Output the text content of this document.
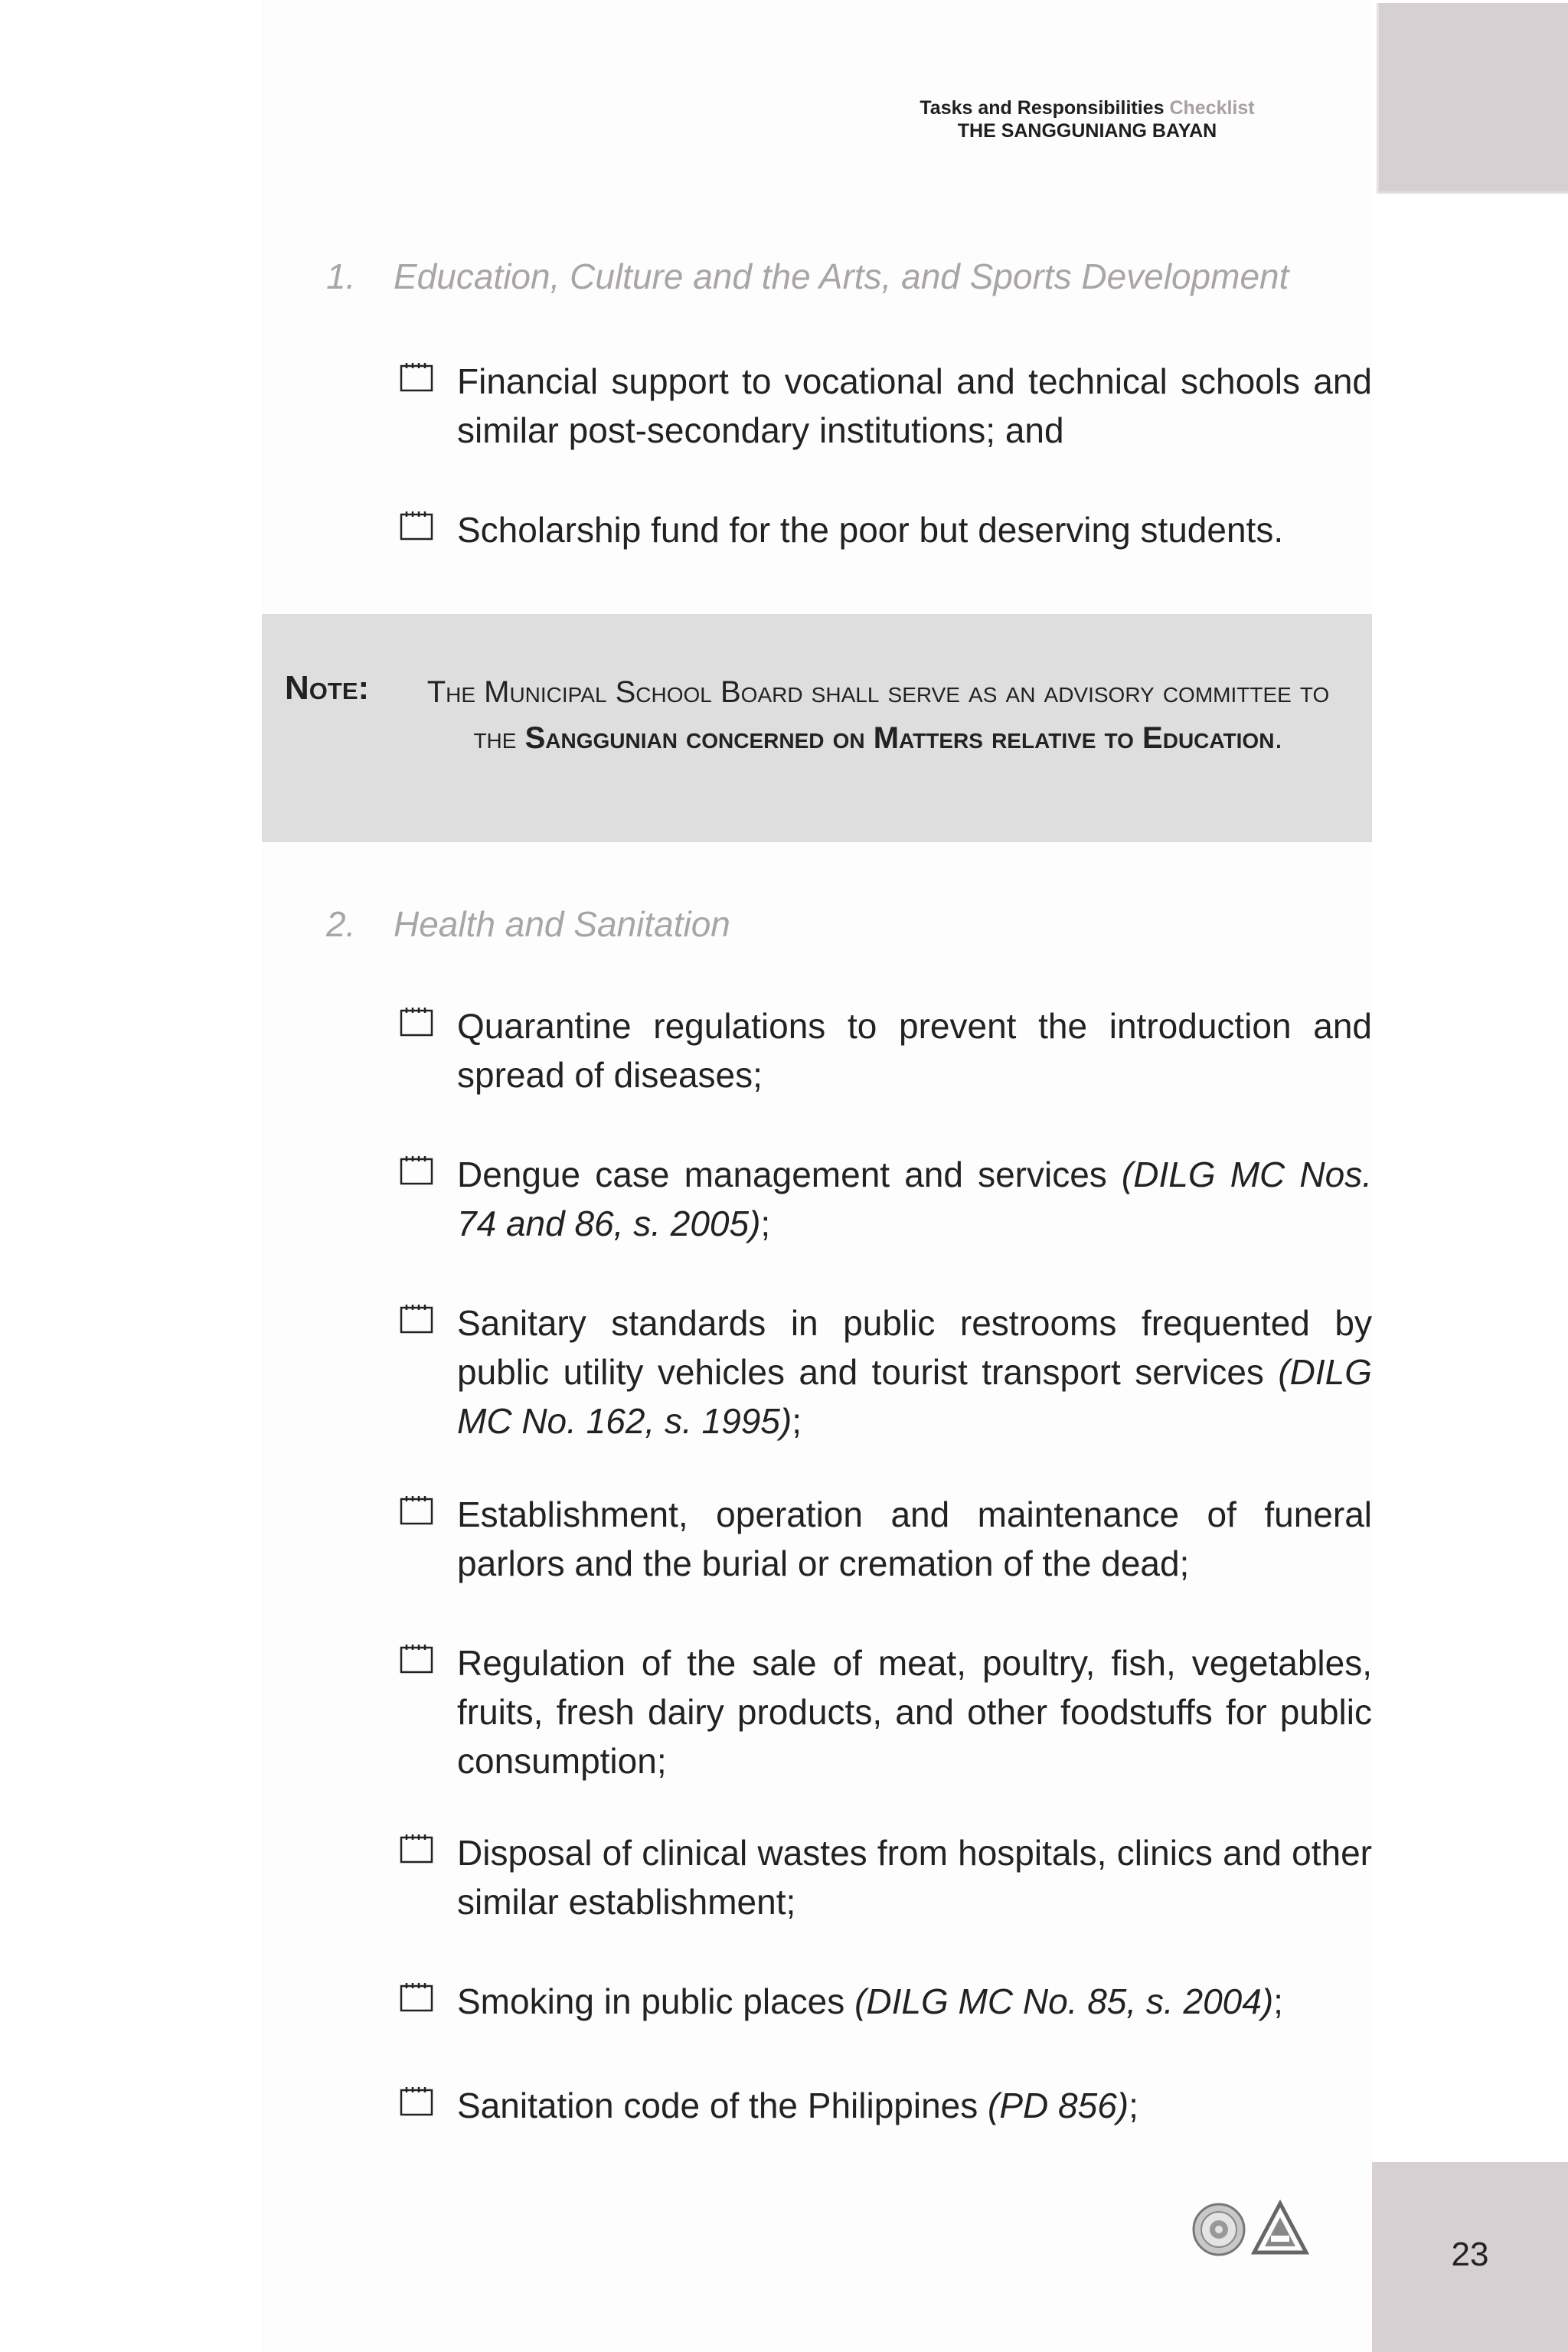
Tasks and Responsibilities Checklist
THE SANGGUNIANG BAYAN
1. Education, Culture and the Arts, and Sports Development
Financial support to vocational and technical schools and similar post-secondary institutions; and
Scholarship fund for the poor but deserving students.
Note:	The Municipal School Board shall serve as an advisory committee to the Sanggunian concerned on Matters relative to Education.
2. Health and Sanitation
Quarantine regulations to prevent the introduction and spread of diseases;
Dengue case management and services (DILG MC Nos. 74 and 86, s. 2005);
Sanitary standards in public restrooms frequented by public utility vehicles and tourist transport services (DILG MC No. 162, s. 1995);
Establishment, operation and maintenance of funeral parlors and the burial or cremation of the dead;
Regulation of the sale of meat, poultry, fish, vegetables, fruits, fresh dairy products, and other foodstuffs for public consumption;
Disposal of clinical wastes from hospitals, clinics and other similar establishment;
Smoking in public places (DILG MC No. 85, s. 2004);
Sanitation code of the Philippines (PD 856);
23
